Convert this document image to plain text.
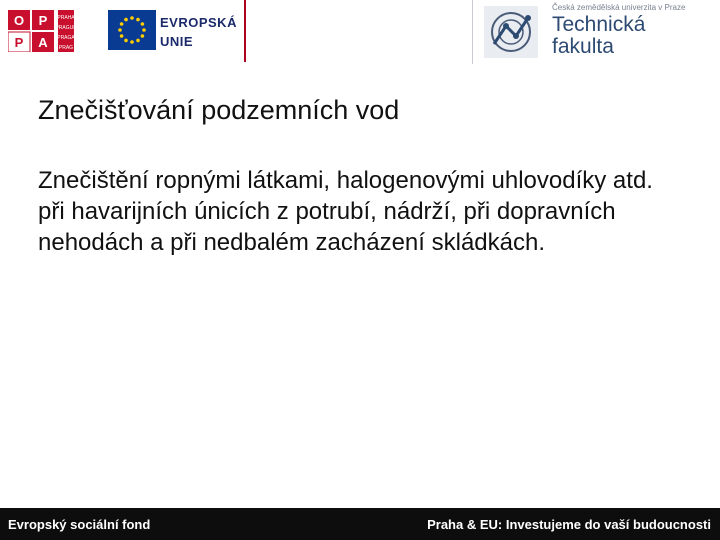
O P
P A
PRAHA
PRAGUE
PRAGA
PRAG
EVROPSKÁ
UNIE
Česká zemědělská univerzita v Praze
Technická
fakulta
Znečišťování podzemních vod
Znečištění ropnými látkami, halogenovými uhlovodíky atd. při havarijních únicích z potrubí, nádrží, při dopravních nehodách a při nedbalém zacházení skládkách.
Evropský sociální fond	Praha & EU: Investujeme do vaší budoucnosti
